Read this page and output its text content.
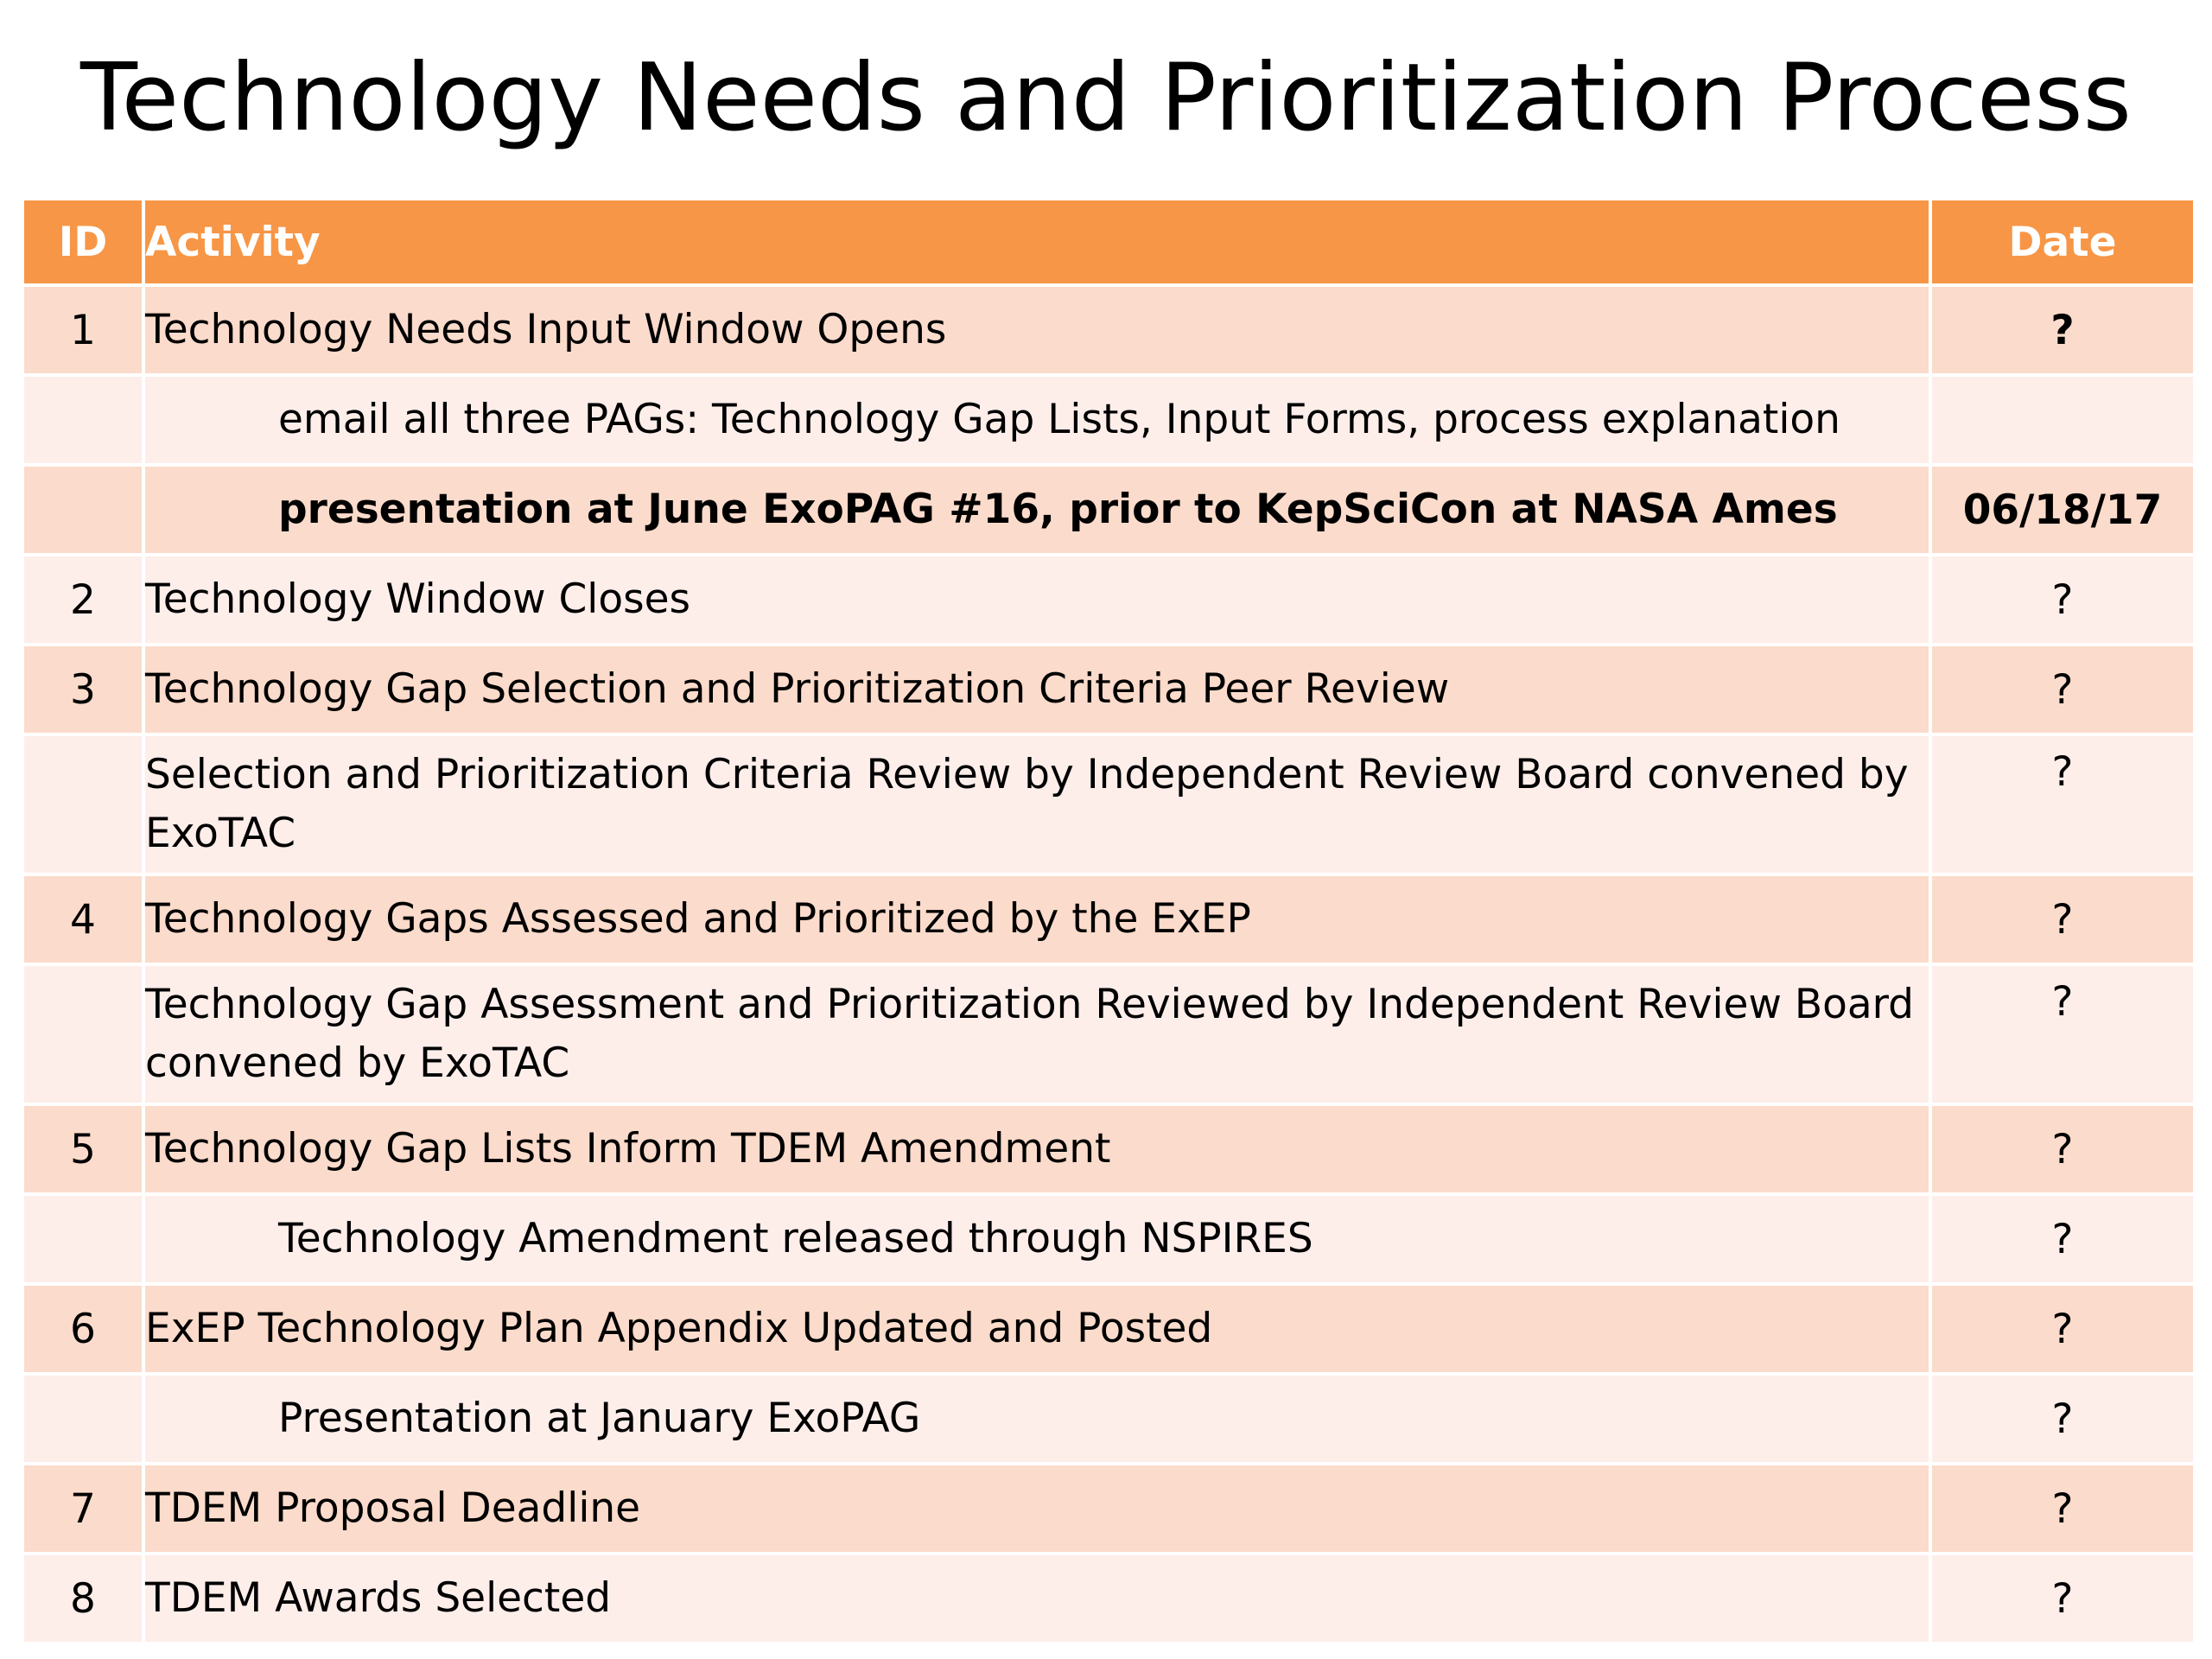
Technology Needs and Prioritization Process
ID	Activity	Date
1	Technology Needs Input Window Opens	?
	email all three PAGs: Technology Gap Lists, Input Forms, process explanation	
	presentation at June ExoPAG #16, prior to KepSciCon at NASA Ames	06/18/17
2	Technology Window Closes	?
3	Technology Gap Selection and Prioritization Criteria Peer Review	?
	Selection and Prioritization Criteria Review by Independent Review Board convened by ExoTAC	?
4	Technology Gaps Assessed and Prioritized by the ExEP	?
	Technology Gap Assessment and Prioritization Reviewed by Independent Review Board convened by ExoTAC	?
5	Technology Gap Lists Inform TDEM Amendment	?
	Technology Amendment released through NSPIRES	?
6	ExEP Technology Plan Appendix Updated and Posted	?
	Presentation at January ExoPAG	?
7	TDEM Proposal Deadline	?
8	TDEM Awards Selected	?
